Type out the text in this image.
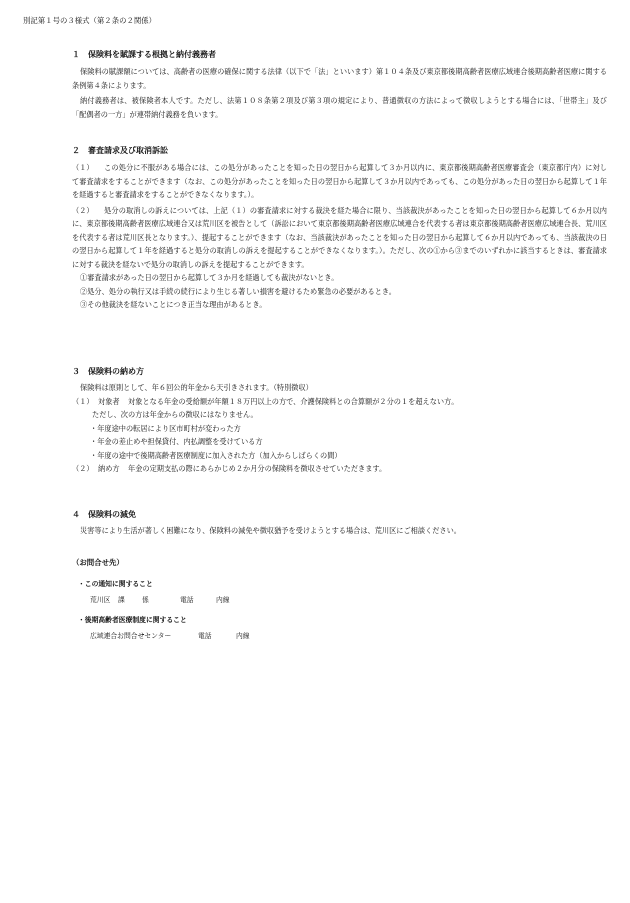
別記第１号の３様式（第２条の２関係）
１ 保険料を賦課する根拠と納付義務者
保険料の賦課額については、高齢者の医療の確保に関する法律（以下で「法」といいます）第１０４条及び東京都後期高齢者医療広域連合後期高齢者医療に関する条例第４条によります。
納付義務者は、被保険者本人です。ただし、法第１０８条第２項及び第３項の規定により、普通徴収の方法によって徴収しようとする場合には、「世帯主」及び「配偶者の一方」が連帯納付義務を負います。
２ 審査請求及び取消訴訟
（１） この処分に不服がある場合には、この処分があったことを知った日の翌日から起算して３か月以内に、東京都後期高齢者医療審査会（東京都庁内）に対して審査請求をすることができます（なお、この処分があったことを知った日の翌日から起算して３か月以内であっても、この処分があった日の翌日から起算して１年を経過すると審査請求をすることができなくなります。）。
（２） 処分の取消しの訴えについては、上記（１）の審査請求に対する裁決を経た場合に限り、当該裁決があったことを知った日の翌日から起算して６か月以内に、東京都後期高齢者医療広域連合又は荒川区を被告として（訴訟において東京都後期高齢者医療広域連合を代表する者は東京都後期高齢者医療広域連合長、荒川区を代表する者は荒川区長となります。）、提起することができます（なお、当該裁決があったことを知った日の翌日から起算して６か月以内であっても、当該裁決の日の翌日から起算して１年を経過すると処分の取消しの訴えを提起することができなくなります。）。ただし、次の①から③までのいずれかに該当するときは、審査請求に対する裁決を経ないで処分の取消しの訴えを提起することができます。
①審査請求があった日の翌日から起算して３か月を経過しても裁決がないとき。
②処分、処分の執行又は手続の続行により生じる著しい損害を避けるため緊急の必要があるとき。
③その他裁決を経ないことにつき正当な理由があるとき。
３ 保険料の納め方
保険料は原則として、年６回公的年金から天引きされます。（特別徴収）
（１） 対象者 対象となる年金の受給額が年額１８万円以上の方で、介護保険料との合算額が２分の１を超えない方。
ただし、次の方は年金からの徴収にはなりません。
・年度途中の転居により区市町村が変わった方
・年金の差止めや担保貸付、内払調整を受けている方
・年度の途中で後期高齢者医療制度に加入された方（加入からしばらくの間）
（２） 納め方 年金の定期支払の際にあらかじめ２か月分の保険料を徴収させていただきます。
４ 保険料の減免
災害等により生活が著しく困難になり、保険料の減免や徴収猶予を受けようとする場合は、荒川区にご相談ください。
（お問合せ先）
・この通知に関すること
荒川区 課	係	電話	内線
・後期高齢者医療制度に関すること
広域連合お問合せセンター	電話	内線
